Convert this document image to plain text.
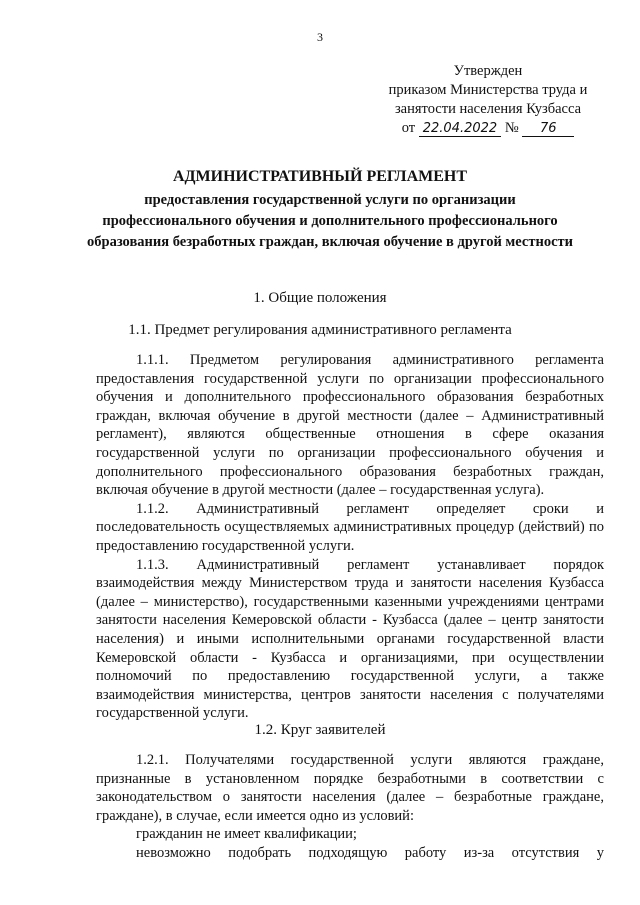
3
Утвержден
приказом Министерства труда и
занятости населения Кузбасса
от 22.04.2022 № 76
АДМИНИСТРАТИВНЫЙ РЕГЛАМЕНТ
предоставления государственной услуги по организации
профессионального обучения и дополнительного профессионального
образования безработных граждан, включая обучение в другой местности
1. Общие положения
1.1. Предмет регулирования административного регламента

1.1.1. Предметом регулирования административного регламента предоставления государственной услуги по организации профессионального обучения и дополнительного профессионального образования безработных граждан, включая обучение в другой местности (далее – Административный регламент), являются общественные отношения в сфере оказания государственной услуги по организации профессионального обучения и дополнительного профессионального образования безработных граждан, включая обучение в другой местности (далее – государственная услуга).

1.1.2. Административный регламент определяет сроки и последовательность осуществляемых административных процедур (действий) по предоставлению государственной услуги.

1.1.3. Административный регламент устанавливает порядок взаимодействия между Министерством труда и занятости населения Кузбасса (далее – министерство), государственными казенными учреждениями центрами занятости населения Кемеровской области - Кузбасса (далее – центр занятости населения) и иными исполнительными органами государственной власти Кемеровской области - Кузбасса и организациями, при осуществлении полномочий по предоставлению государственной услуги, а также взаимодействия министерства, центров занятости населения с получателями государственной услуги.

1.2. Круг заявителей

1.2.1. Получателями государственной услуги являются граждане, признанные в установленном порядке безработными в соответствии с законодательством о занятости населения (далее – безработные граждане, граждане), в случае, если имеется одно из условий:

гражданин не имеет квалификации;

невозможно подобрать подходящую работу из-за отсутствия у
